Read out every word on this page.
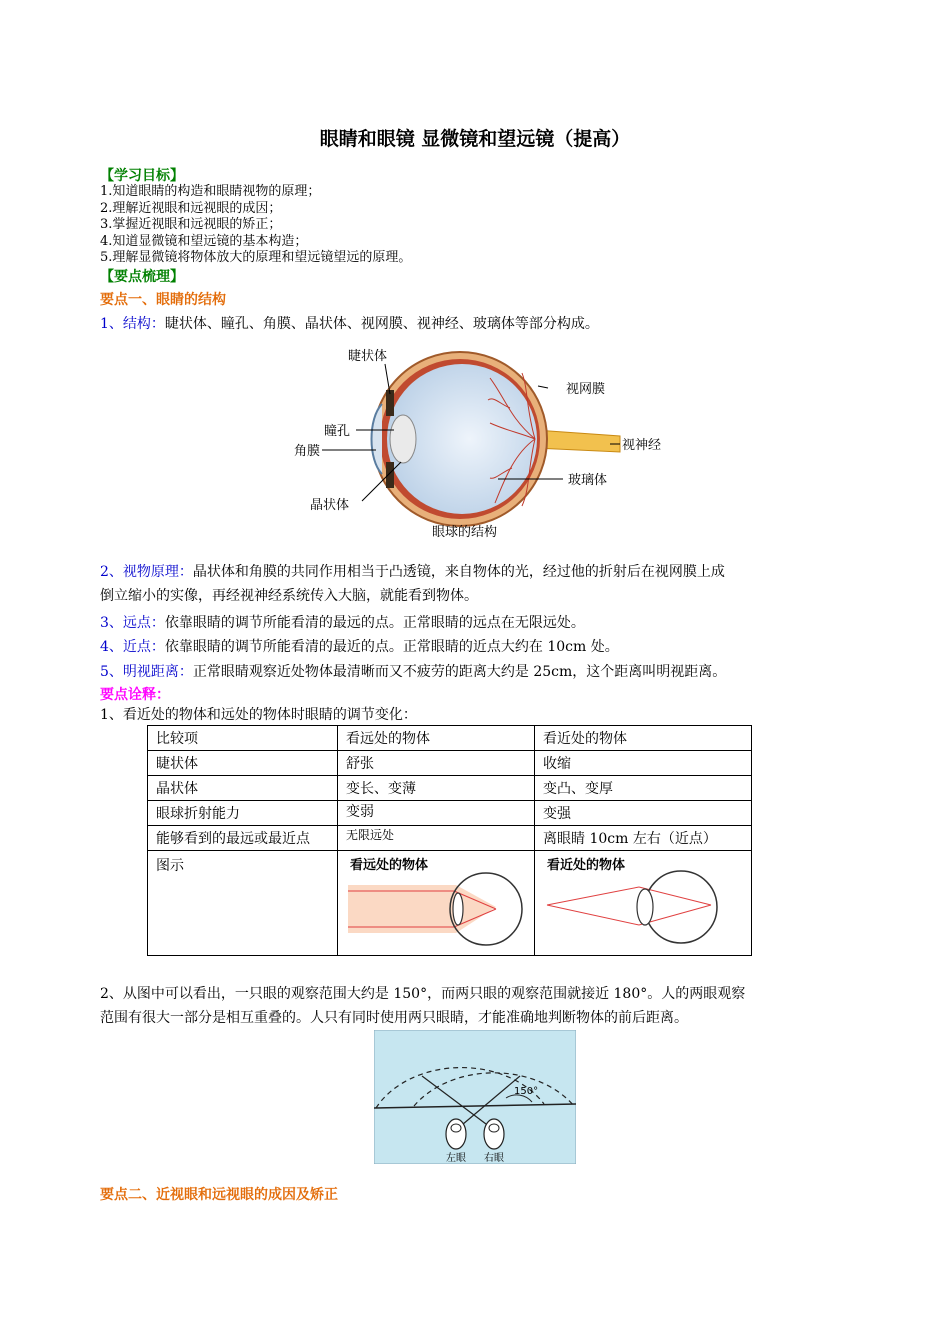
眼睛和眼镜 显微镜和望远镜（提高）
【学习目标】
1.知道眼睛的构造和眼睛视物的原理；
2.理解近视眼和远视眼的成因；
3.掌握近视眼和远视眼的矫正；
4.知道显微镜和望远镜的基本构造；
5.理解显微镜将物体放大的原理和望远镜望远的原理。
【要点梳理】
要点一、眼睛的结构
1、结构：睫状体、瞳孔、角膜、晶状体、视网膜、视神经、玻璃体等部分构成。
睫状体
视网膜
瞳孔
视神经
角膜
玻璃体
晶状体
眼球的结构
2、视物原理：晶状体和角膜的共同作用相当于凸透镜，来自物体的光，经过他的折射后在视网膜上成
倒立缩小的实像，再经视神经系统传入大脑，就能看到物体。
3、远点：依靠眼睛的调节所能看清的最远的点。正常眼睛的远点在无限远处。
4、近点：依靠眼睛的调节所能看清的最近的点。正常眼睛的近点大约在 10cm 处。
5、明视距离：正常眼睛观察近处物体最清晰而又不疲劳的距离大约是 25cm，这个距离叫明视距离。
要点诠释：
1、看近处的物体和远处的物体时眼睛的调节变化：
比较项	看远处的物体	看近处的物体
睫状体	舒张	收缩
晶状体	变长、变薄	变凸、变厚
眼球折射能力	变弱	变强
能够看到的最远或最近点	无限远处	离眼睛 10cm 左右（近点）
图示	看远处的物体	看近处的物体
2、从图中可以看出，一只眼的观察范围大约是 150°，而两只眼的观察范围就接近 180°。人的两眼观察
范围有很大一部分是相互重叠的。人只有同时使用两只眼睛，才能准确地判断物体的前后距离。
150°
左眼 右眼
要点二、近视眼和远视眼的成因及矫正
